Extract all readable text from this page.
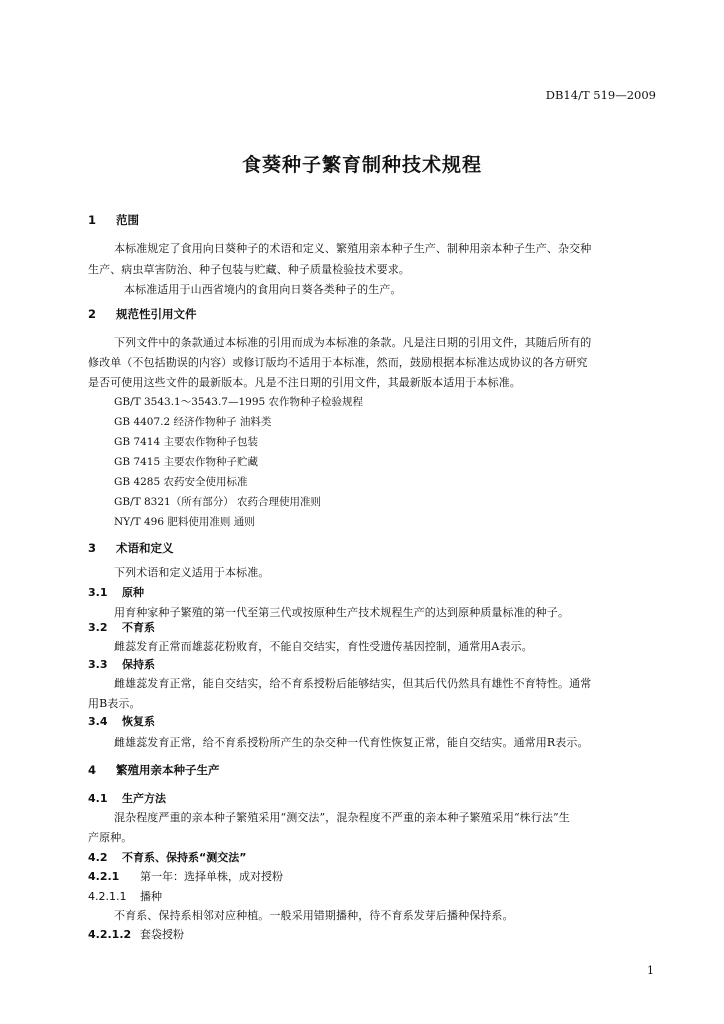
DB14/T 519—2009
食葵种子繁育制种技术规程
1 范围
本标准规定了食用向日葵种子的术语和定义、繁殖用亲本种子生产、制种用亲本种子生产、杂交种
生产、病虫草害防治、种子包装与贮藏、种子质量检验技术要求。
本标准适用于山西省境内的食用向日葵各类种子的生产。
2 规范性引用文件
下列文件中的条款通过本标准的引用而成为本标准的条款。凡是注日期的引用文件，其随后所有的
修改单（不包括勘误的内容）或修订版均不适用于本标准，然而，鼓励根据本标准达成协议的各方研究
是否可使用这些文件的最新版本。凡是不注日期的引用文件，其最新版本适用于本标准。
GB/T 3543.1～3543.7—1995 农作物种子检验规程
GB 4407.2 经济作物种子 油料类
GB 7414 主要农作物种子包装
GB 7415 主要农作物种子贮藏
GB 4285 农药安全使用标准
GB/T 8321（所有部分） 农药合理使用准则
NY/T 496 肥料使用准则 通则
3 术语和定义
下列术语和定义适用于本标准。
3.1 原种
用育种家种子繁殖的第一代至第三代或按原种生产技术规程生产的达到原种质量标准的种子。
3.2 不育系
雌蕊发育正常而雄蕊花粉败育，不能自交结实，育性受遗传基因控制，通常用A表示。
3.3 保持系
雌雄蕊发育正常，能自交结实，给不育系授粉后能够结实，但其后代仍然具有雄性不育特性。通常
用B表示。
3.4 恢复系
雌雄蕊发育正常，给不育系授粉所产生的杂交种一代育性恢复正常，能自交结实。通常用R表示。
4 繁殖用亲本种子生产
4.1 生产方法
混杂程度严重的亲本种子繁殖采用“测交法”，混杂程度不严重的亲本种子繁殖采用“株行法”生
产原种。
4.2 不育系、保持系“测交法”
4.2.1 第一年：选择单株，成对授粉
4.2.1.1 播种
不育系、保持系相邻对应种植。一般采用错期播种，待不育系发芽后播种保持系。
4.2.1.2 套袋授粉
1
